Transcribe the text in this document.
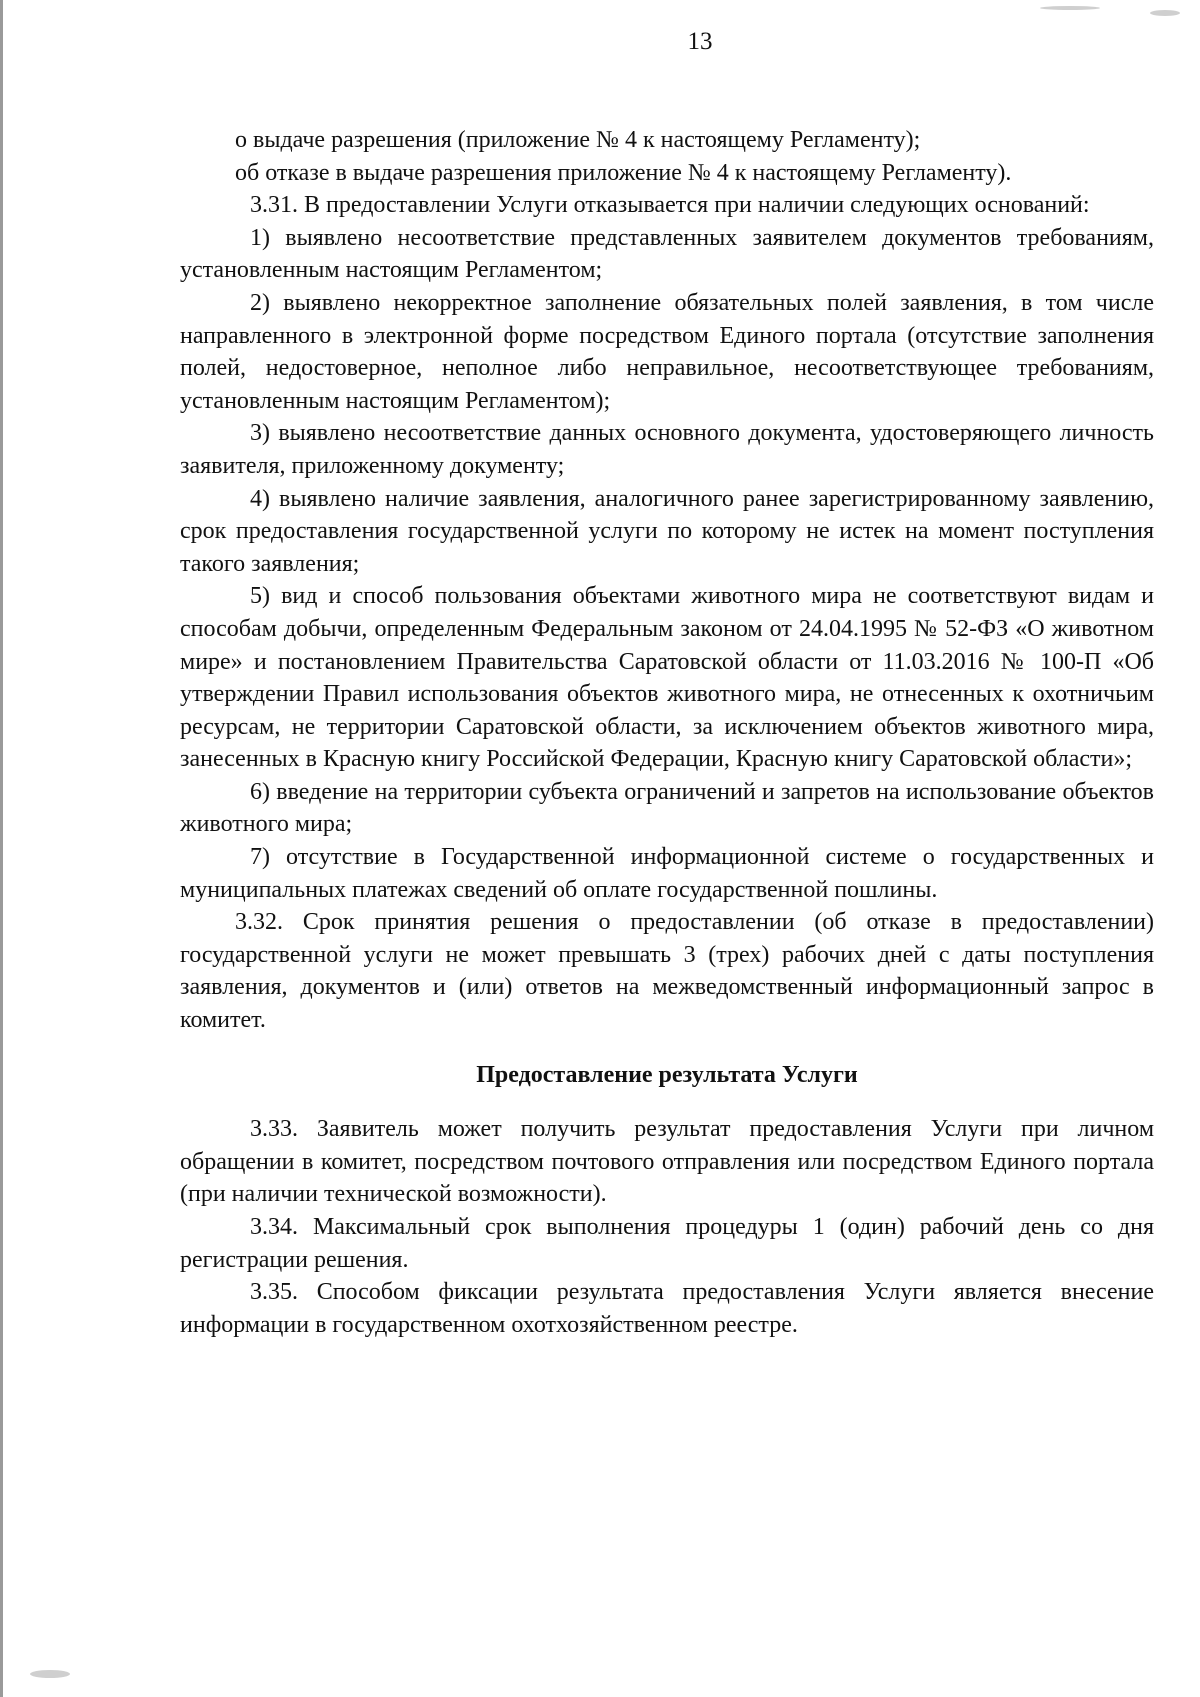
13

о выдаче разрешения (приложение № 4 к настоящему Регламенту);

об отказе в выдаче разрешения приложение № 4 к настоящему Регламенту).

3.31. В предоставлении Услуги отказывается при наличии следующих оснований:

1) выявлено несоответствие представленных заявителем документов требованиям, установленным настоящим Регламентом;

2) выявлено некорректное заполнение обязательных полей заявления, в том числе направленного в электронной форме посредством Единого портала (отсутствие заполнения полей, недостоверное, неполное либо неправильное, несоответствующее требованиям, установленным настоящим Регламентом);

3) выявлено несоответствие данных основного документа, удостоверяющего личность заявителя, приложенному документу;

4) выявлено наличие заявления, аналогичного ранее зарегистрированному заявлению, срок предоставления государственной услуги по которому не истек на момент поступления такого заявления;

5) вид и способ пользования объектами животного мира не соответствуют видам и способам добычи, определенным Федеральным законом от 24.04.1995 № 52-ФЗ «О животном мире» и постановлением Правительства Саратовской области от 11.03.2016 № 100-П «Об утверждении Правил использования объектов животного мира, не отнесенных к охотничьим ресурсам, не территории Саратовской области, за исключением объектов животного мира, занесенных в Красную книгу Российской Федерации, Красную книгу Саратовской области»;

6) введение на территории субъекта ограничений и запретов на использование объектов животного мира;

7) отсутствие в Государственной информационной системе о государственных и муниципальных платежах сведений об оплате государственной пошлины.

3.32. Срок принятия решения о предоставлении (об отказе в предоставлении) государственной услуги не может превышать 3 (трех) рабочих дней с даты поступления заявления, документов и (или) ответов на межведомственный информационный запрос в комитет.

Предоставление результата Услуги

3.33. Заявитель может получить результат предоставления Услуги при личном обращении в комитет, посредством почтового отправления или посредством Единого портала (при наличии технической возможности).

3.34. Максимальный срок выполнения процедуры 1 (один) рабочий день со дня регистрации решения.

3.35. Способом фиксации результата предоставления Услуги является внесение информации в государственном охотхозяйственном реестре.
